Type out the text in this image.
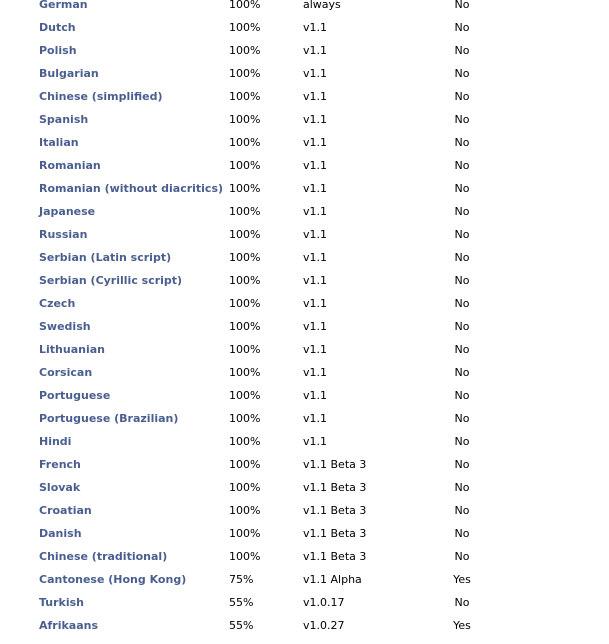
German	100%	always	No
Dutch	100%	v1.1	No
Polish	100%	v1.1	No
Bulgarian	100%	v1.1	No
Chinese (simplified)	100%	v1.1	No
Spanish	100%	v1.1	No
Italian	100%	v1.1	No
Romanian	100%	v1.1	No
Romanian (without diacritics)	100%	v1.1	No
Japanese	100%	v1.1	No
Russian	100%	v1.1	No
Serbian (Latin script)	100%	v1.1	No
Serbian (Cyrillic script)	100%	v1.1	No
Czech	100%	v1.1	No
Swedish	100%	v1.1	No
Lithuanian	100%	v1.1	No
Corsican	100%	v1.1	No
Portuguese	100%	v1.1	No
Portuguese (Brazilian)	100%	v1.1	No
Hindi	100%	v1.1	No
French	100%	v1.1 Beta 3	No
Slovak	100%	v1.1 Beta 3	No
Croatian	100%	v1.1 Beta 3	No
Danish	100%	v1.1 Beta 3	No
Chinese (traditional)	100%	v1.1 Beta 3	No
Cantonese (Hong Kong)	75%	v1.1 Alpha	Yes
Turkish	55%	v1.0.17	No
Afrikaans	55%	v1.0.27	Yes
